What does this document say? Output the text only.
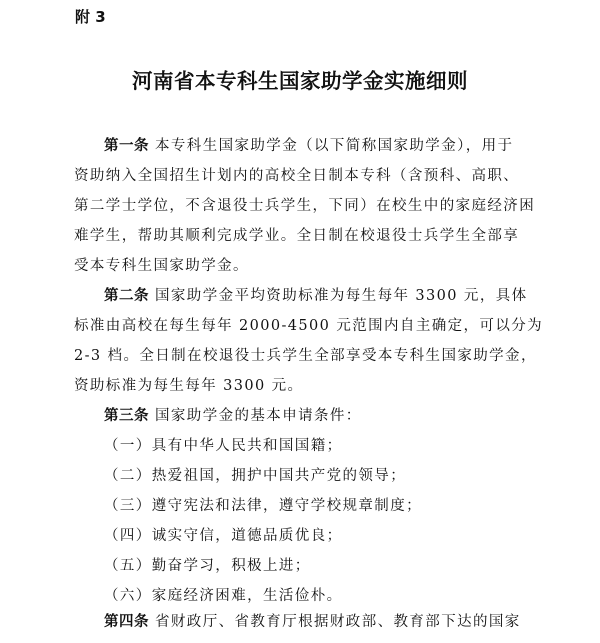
附 3
河南省本专科生国家助学金实施细则
第一条 本专科生国家助学金（以下简称国家助学金），用于
资助纳入全国招生计划内的高校全日制本专科（含预科、高职、
第二学士学位，不含退役士兵学生，下同）在校生中的家庭经济困
难学生，帮助其顺利完成学业。全日制在校退役士兵学生全部享
受本专科生国家助学金。
第二条 国家助学金平均资助标准为每生每年 3300 元，具体
标准由高校在每生每年 2000-4500 元范围内自主确定，可以分为
2-3 档。全日制在校退役士兵学生全部享受本专科生国家助学金，
资助标准为每生每年 3300 元。
第三条 国家助学金的基本申请条件：
（一）具有中华人民共和国国籍；
（二）热爱祖国，拥护中国共产党的领导；
（三）遵守宪法和法律，遵守学校规章制度；
（四）诚实守信，道德品质优良；
（五）勤奋学习，积极上进；
（六）家庭经济困难，生活俭朴。
第四条 省财政厅、省教育厅根据财政部、教育部下达的国家
